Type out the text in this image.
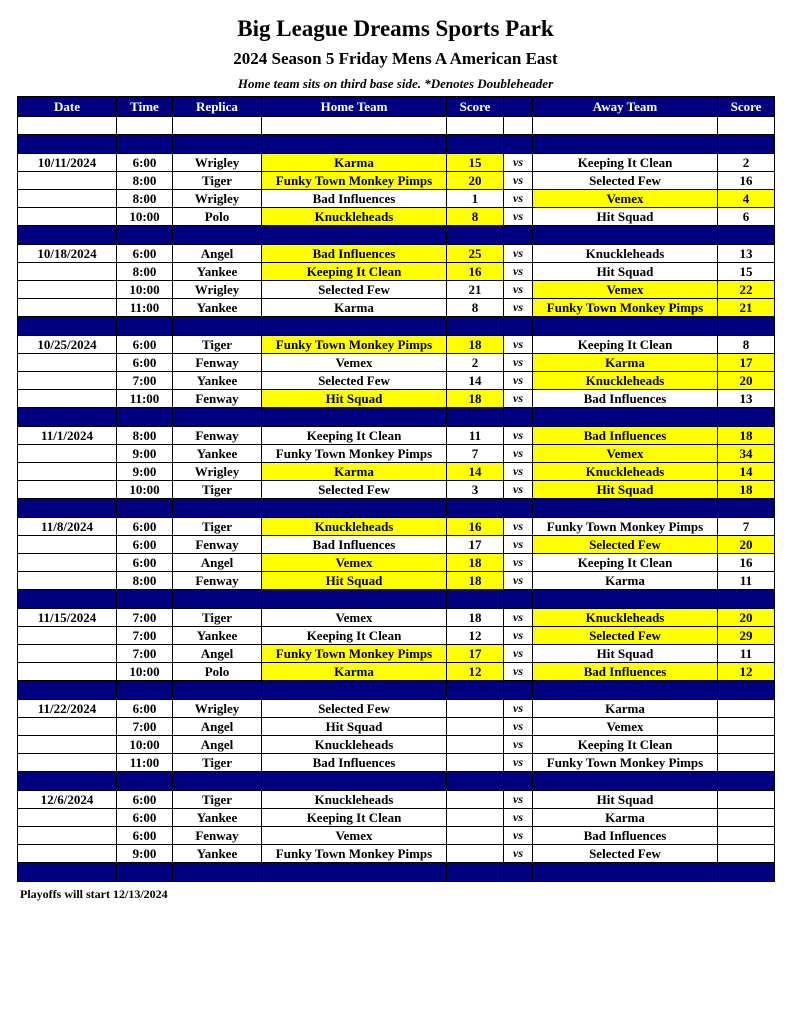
Big League Dreams Sports Park
2024 Season 5 Friday Mens A American East

Home team sits on third base side. *Denotes Doubleheader

Date	Time	Replica	Home Team	Score		Away Team	Score

10/11/2024	6:00	Wrigley	Karma	15	vs	Keeping It Clean	2
	8:00	Tiger	Funky Town Monkey Pimps	20	vs	Selected Few	16
	8:00	Wrigley	Bad Influences	1	vs	Vemex	4
	10:00	Polo	Knuckleheads	8	vs	Hit Squad	6

10/18/2024	6:00	Angel	Bad Influences	25	vs	Knuckleheads	13
	8:00	Yankee	Keeping It Clean	16	vs	Hit Squad	15
	10:00	Wrigley	Selected Few	21	vs	Vemex	22
	11:00	Yankee	Karma	8	vs	Funky Town Monkey Pimps	21

10/25/2024	6:00	Tiger	Funky Town Monkey Pimps	18	vs	Keeping It Clean	8
	6:00	Fenway	Vemex	2	vs	Karma	17
	7:00	Yankee	Selected Few	14	vs	Knuckleheads	20
	11:00	Fenway	Hit Squad	18	vs	Bad Influences	13

11/1/2024	8:00	Fenway	Keeping It Clean	11	vs	Bad Influences	18
	9:00	Yankee	Funky Town Monkey Pimps	7	vs	Vemex	34
	9:00	Wrigley	Karma	14	vs	Knuckleheads	14
	10:00	Tiger	Selected Few	3	vs	Hit Squad	18

11/8/2024	6:00	Tiger	Knuckleheads	16	vs	Funky Town Monkey Pimps	7
	6:00	Fenway	Bad Influences	17	vs	Selected Few	20
	6:00	Angel	Vemex	18	vs	Keeping It Clean	16
	8:00	Fenway	Hit Squad	18	vs	Karma	11

11/15/2024	7:00	Tiger	Vemex	18	vs	Knuckleheads	20
	7:00	Yankee	Keeping It Clean	12	vs	Selected Few	29
	7:00	Angel	Funky Town Monkey Pimps	17	vs	Hit Squad	11
	10:00	Polo	Karma	12	vs	Bad Influences	12

11/22/2024	6:00	Wrigley	Selected Few		vs	Karma	
	7:00	Angel	Hit Squad		vs	Vemex	
	10:00	Angel	Knuckleheads		vs	Keeping It Clean	
	11:00	Tiger	Bad Influences		vs	Funky Town Monkey Pimps	

12/6/2024	6:00	Tiger	Knuckleheads		vs	Hit Squad	
	6:00	Yankee	Keeping It Clean		vs	Karma	
	6:00	Fenway	Vemex		vs	Bad Influences	
	9:00	Yankee	Funky Town Monkey Pimps		vs	Selected Few	

Playoffs will start 12/13/2024
